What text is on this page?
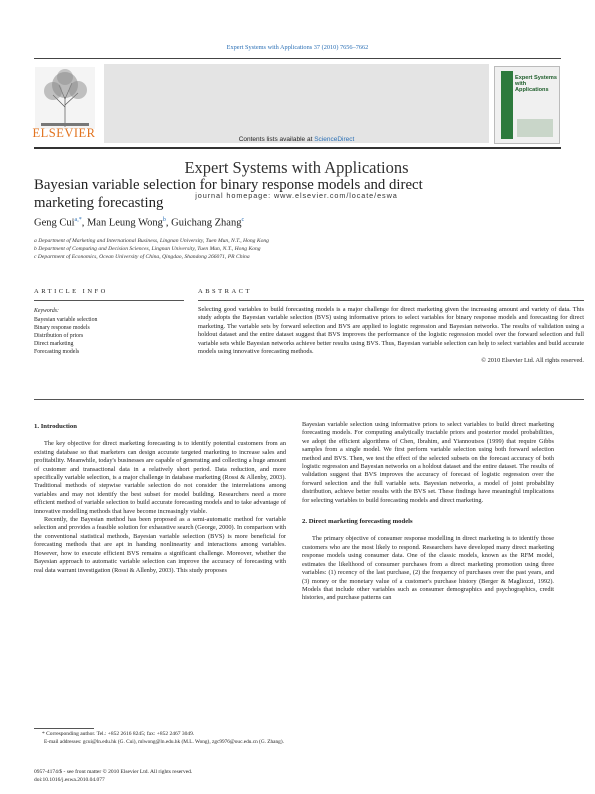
Expert Systems with Applications 37 (2010) 7656–7662
ELSEVIER	Contents lists available at ScienceDirect
Expert Systems with Applications
journal homepage: www.elsevier.com/locate/eswa
Expert Systems with Applications
Bayesian variable selection for binary response models and direct marketing forecasting
Geng Cui$^{a,*}$, Man Leung Wong$^b$, Guichang Zhang$^c$
a Department of Marketing and International Business, Lingnan University, Tuen Mun, N.T., Hong Kong
b Department of Computing and Decision Sciences, Lingnan University, Tuen Mun, N.T., Hong Kong
c Department of Economics, Ocean University of China, Qingdao, Shandong 266071, PR China
ARTICLE INFO	ABSTRACT
Keywords:
Bayesian variable selection
Binary response models
Distribution of priors
Direct marketing
Forecasting models
Selecting good variables to build forecasting models is a major challenge for direct marketing given the increasing amount and variety of data. This study adopts the Bayesian variable selection (BVS) using informative priors to select variables for binary response models and forecasting for direct marketing. The variable sets by forward selection and BVS are applied to logistic regression and Bayesian networks. The results of validation using a holdout dataset and the entire dataset suggest that BVS improves the performance of the logistic regression model over the forward selection and full variable sets while Bayesian networks achieve better results using BVS. Thus, Bayesian variable selection can help to select variables and build accurate models using innovative forecasting methods.
© 2010 Elsevier Ltd. All rights reserved.
1. Introduction

The key objective for direct marketing forecasting is to identify potential customers from an existing database so that marketers can design accurate targeted marketing to increase sales and profitability. Meanwhile, today's businesses are capable of generating and collecting a huge amount of customer and transactional data in a relatively short period. Data reduction, and more specifically variable selection, is a major challenge in database marketing (Rossi & Allenby, 2003). Traditional methods of stepwise variable selection do not consider the interrelations among variables and may not identify the best subset for model building. Researchers need a more efficient method of variable selection to build accurate forecasting models and to take advantage of innovative modelling methods that have become increasingly viable.

Recently, the Bayesian method has been proposed as a semi-automatic method for variable selection and provides a feasible solution for exhaustive search (George, 2000). In comparison with the conventional statistical methods, Bayesian variable selection (BVS) is more beneficial for forecasting methods that are apt in handing nonlinearity and interactions among variables. However, how to execute efficient BVS remains a significant challenge. Moreover, whether the Bayesian approach to automatic variable selection can improve the accuracy of forecasting with real data warrant investigation (Rossi & Allenby, 2003). This study proposes

Bayesian variable selection using informative priors to select variables to build direct marketing forecasting models. For computing analytically tractable priors and posterior model probabilities, we adopt the efficient algorithms of Chen, Ibrahim, and Yiannoutsos (1999) that require Gibbs samples from a single model. We first perform variable selection using both forward selection method and BVS. Then, we test the effect of the selected subsets on the forecast accuracy of both logistic regression and Bayesian networks on a holdout dataset and the entire dataset. The results of validation suggest that BVS improves the accuracy of forecast of logistic regression over the forward selection and the full variable sets. Bayesian networks, a model of joint probability distribution, achieve better results with the BVS set. These findings have meaningful implications for selecting variables to build forecasting models and direct marketing.

2. Direct marketing forecasting models

The primary objective of consumer response modelling in direct marketing is to identify those customers who are the most likely to respond. Researchers have developed many direct marketing response models using consumer data. One of the classic models, known as the RFM model, estimates the likelihood of consumer purchases from a direct marketing promotion using three variables: (1) recency of the last purchase, (2) the frequency of purchases over the past years, and (3) money or the monetary value of a customer's purchase history (Berger & Magliozzi, 1992). Models that include other variables such as consumer demographics and psychographics, credit histories, and purchase patterns can

* Corresponding author. Tel.: +852 2616 8245; fax: +852 2467 3049.
E-mail addresses: gcui@ln.edu.hk (G. Cui), mlwong@ln.edu.hk (M.L. Wong), zgc9976@ouc.edu.cn (G. Zhang).
0957-4174/$ - see front matter © 2010 Elsevier Ltd. All rights reserved.
doi:10.1016/j.eswa.2010.04.077
